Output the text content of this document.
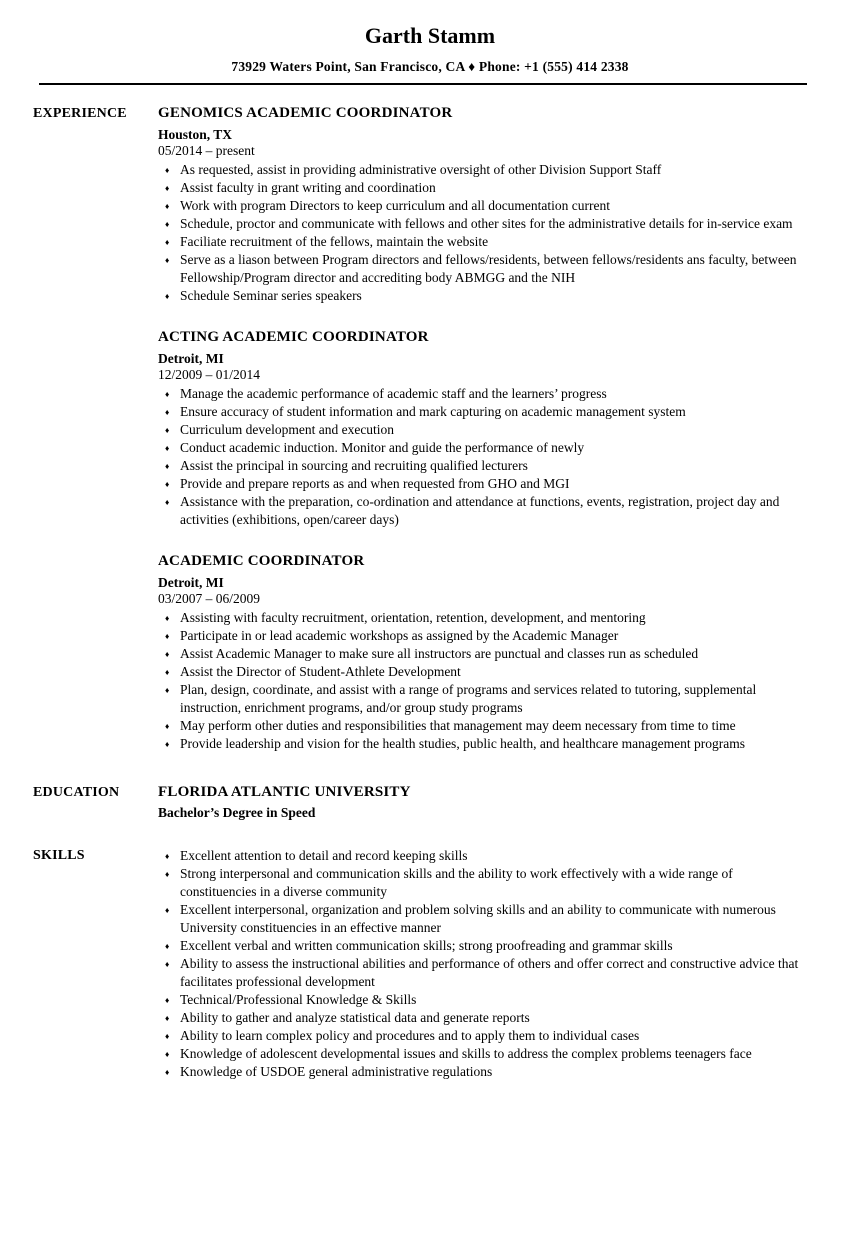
Garth Stamm
73929 Waters Point, San Francisco, CA ♦ Phone: +1 (555) 414 2338
EXPERIENCE	GENOMICS ACADEMIC COORDINATOR
Houston, TX
05/2014 – present
♦ As requested, assist in providing administrative oversight of other Division Support Staff
♦ Assist faculty in grant writing and coordination
♦ Work with program Directors to keep curriculum and all documentation current
♦ Schedule, proctor and communicate with fellows and other sites for the administrative details for in-service exam
♦ Faciliate recruitment of the fellows, maintain the website
♦ Serve as a liason between Program directors and fellows/residents, between fellows/residents ans faculty, between Fellowship/Program director and accrediting body ABMGG and the NIH
♦ Schedule Seminar series speakers
ACTING ACADEMIC COORDINATOR
Detroit, MI
12/2009 – 01/2014
♦ Manage the academic performance of academic staff and the learners’ progress
♦ Ensure accuracy of student information and mark capturing on academic management system
♦ Curriculum development and execution
♦ Conduct academic induction. Monitor and guide the performance of newly
♦ Assist the principal in sourcing and recruiting qualified lecturers
♦ Provide and prepare reports as and when requested from GHO and MGI
♦ Assistance with the preparation, co-ordination and attendance at functions, events, registration, project day and activities (exhibitions, open/career days)
ACADEMIC COORDINATOR
Detroit, MI
03/2007 – 06/2009
♦ Assisting with faculty recruitment, orientation, retention, development, and mentoring
♦ Participate in or lead academic workshops as assigned by the Academic Manager
♦ Assist Academic Manager to make sure all instructors are punctual and classes run as scheduled
♦ Assist the Director of Student-Athlete Development
♦ Plan, design, coordinate, and assist with a range of programs and services related to tutoring, supplemental instruction, enrichment programs, and/or group study programs
♦ May perform other duties and responsibilities that management may deem necessary from time to time
♦ Provide leadership and vision for the health studies, public health, and healthcare management programs
EDUCATION	FLORIDA ATLANTIC UNIVERSITY
Bachelor’s Degree in Speed
SKILLS	♦ Excellent attention to detail and record keeping skills
♦ Strong interpersonal and communication skills and the ability to work effectively with a wide range of constituencies in a diverse community
♦ Excellent interpersonal, organization and problem solving skills and an ability to communicate with numerous University constituencies in an effective manner
♦ Excellent verbal and written communication skills; strong proofreading and grammar skills
♦ Ability to assess the instructional abilities and performance of others and offer correct and constructive advice that facilitates professional development
♦ Technical/Professional Knowledge & Skills
♦ Ability to gather and analyze statistical data and generate reports
♦ Ability to learn complex policy and procedures and to apply them to individual cases
♦ Knowledge of adolescent developmental issues and skills to address the complex problems teenagers face
♦ Knowledge of USDOE general administrative regulations
